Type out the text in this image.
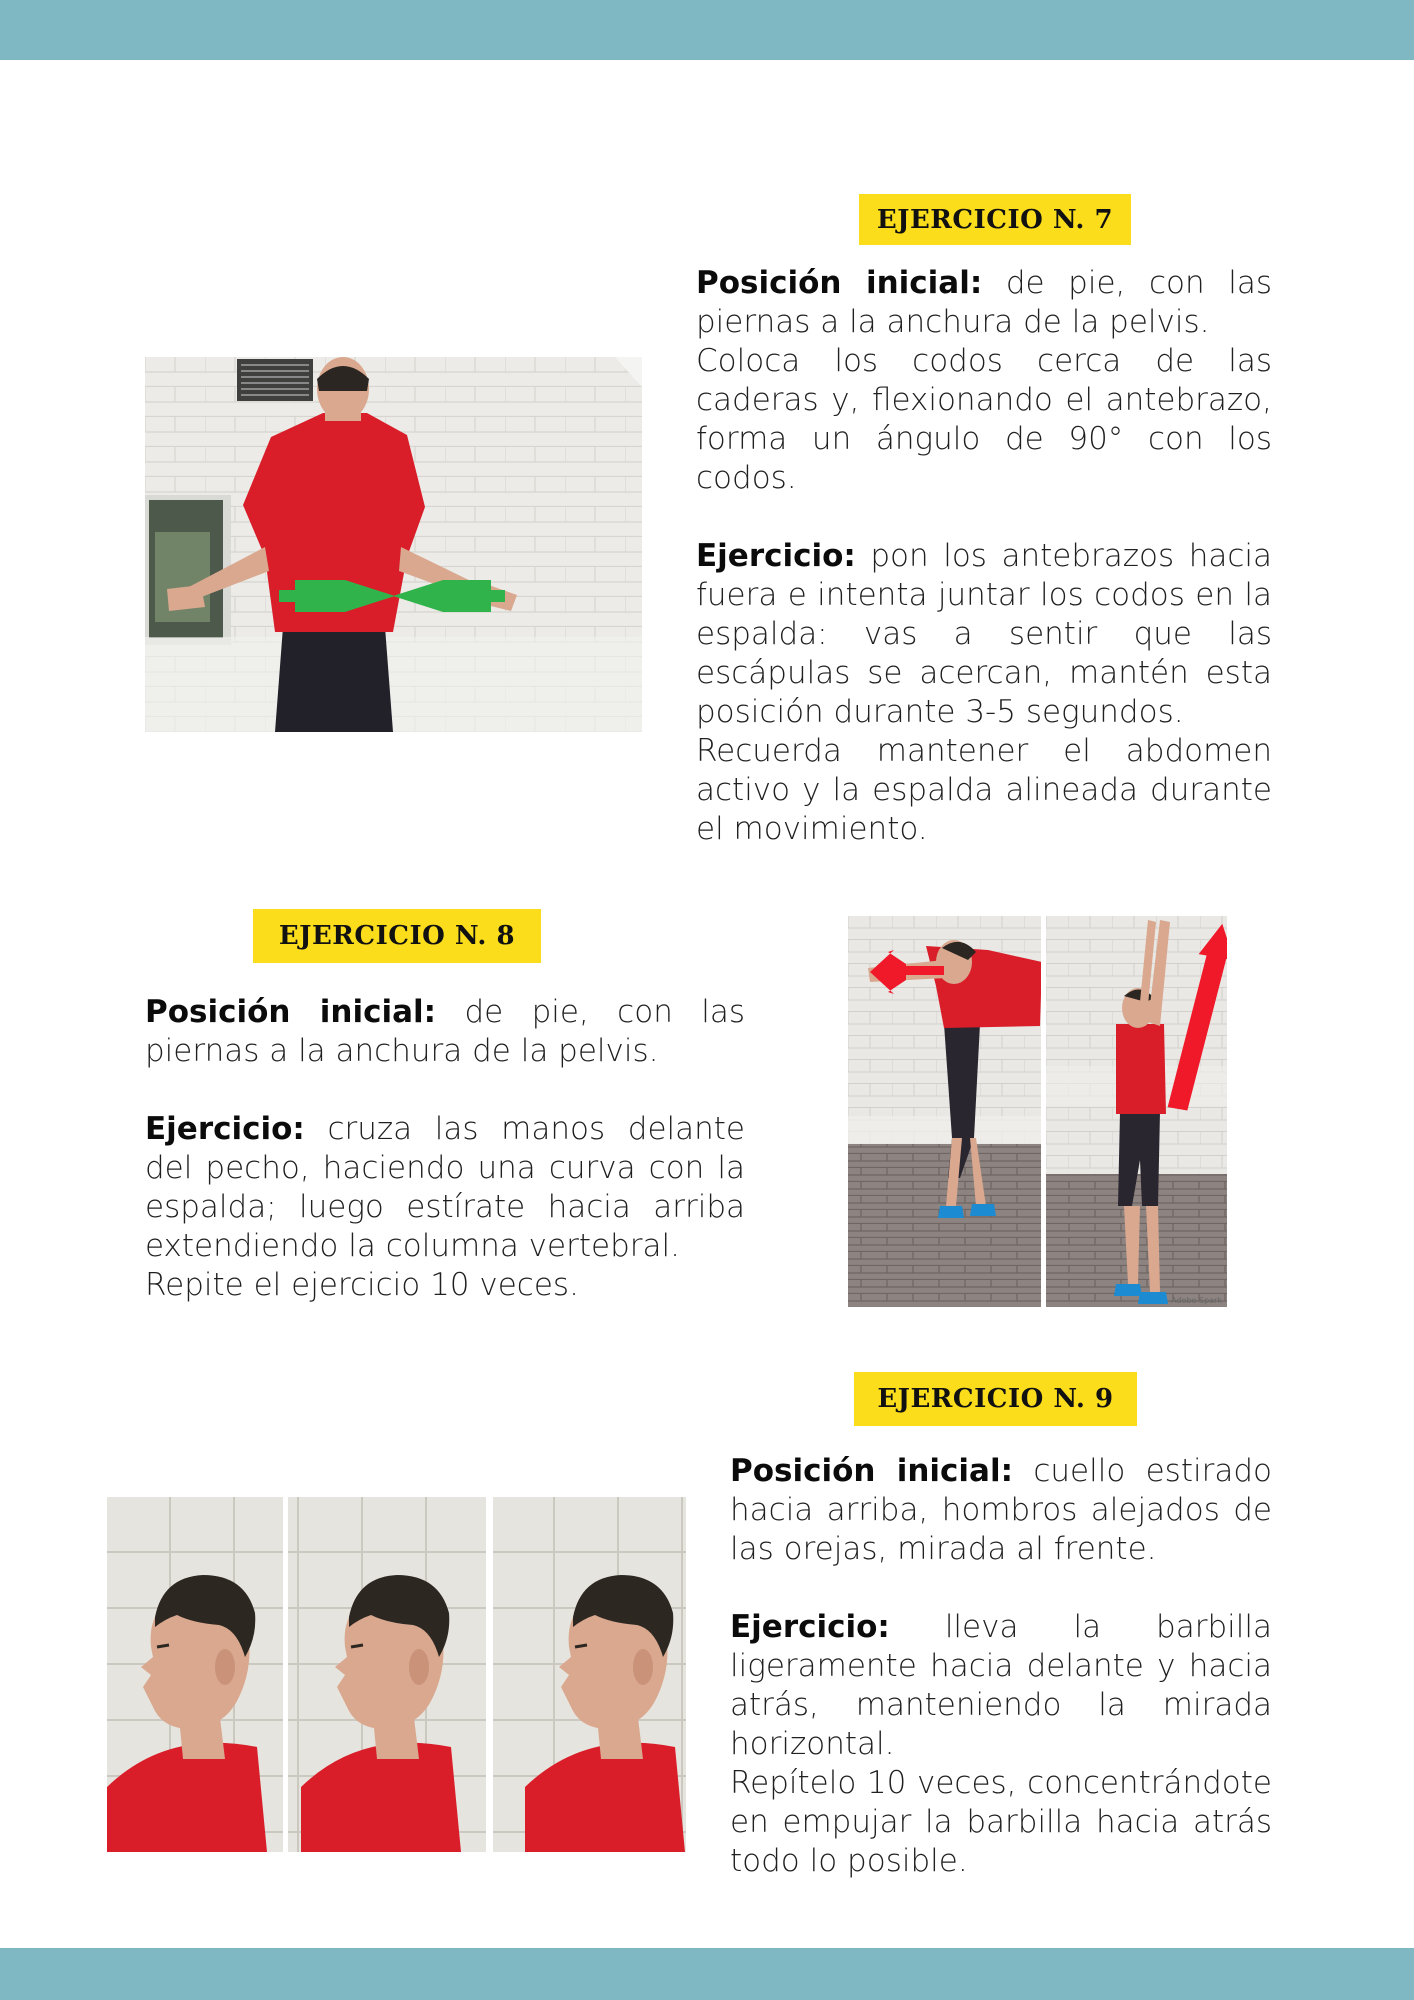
EJERCICIO N. 7

Posición inicial: de pie, con las piernas a la anchura de la pelvis.

Coloca los codos cerca de las caderas y, flexionando el antebrazo, forma un ángulo de 90° con los codos.

Ejercicio: pon los antebrazos hacia fuera e intenta juntar los codos en la espalda: vas a sentir que las escápulas se acercan, mantén esta posición durante 3-5 segundos.

Recuerda mantener el abdomen activo y la espalda alineada durante el movimiento.

EJERCICIO N. 8

Posición inicial: de pie, con las piernas a la anchura de la pelvis.

Ejercicio: cruza las manos delante del pecho, haciendo una curva con la espalda; luego estírate hacia arriba extendiendo la columna vertebral.

Repite el ejercicio 10 veces.	Adobe Spark
EJERCICIO N. 9

Posición inicial: cuello estirado hacia arriba, hombros alejados de las orejas, mirada al frente.

Ejercicio: lleva la barbilla ligeramente hacia delante y hacia atrás, manteniendo la mirada horizontal.

Repítelo 10 veces, concentrándote en empujar la barbilla hacia atrás todo lo posible.
